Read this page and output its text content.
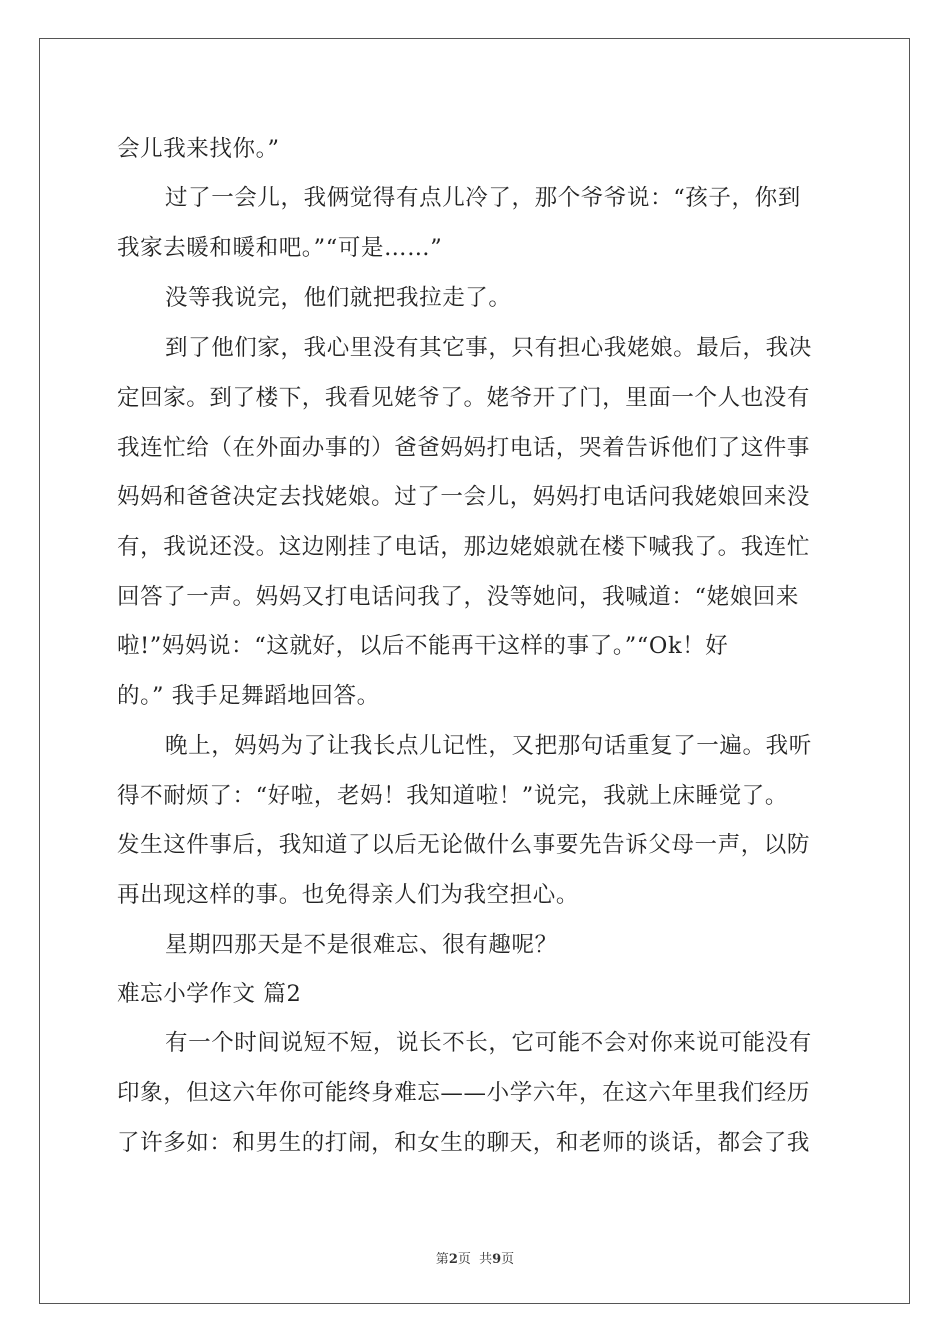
会儿我来找你。”
过了一会儿，我俩觉得有点儿冷了，那个爷爷说：“孩子，你到
我家去暖和暖和吧。”“可是……”
没等我说完，他们就把我拉走了。
到了他们家，我心里没有其它事，只有担心我姥娘。最后，我决
定回家。到了楼下，我看见姥爷了。姥爷开了门，里面一个人也没有
我连忙给（在外面办事的）爸爸妈妈打电话，哭着告诉他们了这件事
妈妈和爸爸决定去找姥娘。过了一会儿，妈妈打电话问我姥娘回来没
有，我说还没。这边刚挂了电话，那边姥娘就在楼下喊我了。我连忙
回答了一声。妈妈又打电话问我了，没等她问，我喊道：“姥娘回来
啦!”妈妈说：“这就好，以后不能再干这样的事了。”“Ok！好
的。” 我手足舞蹈地回答。
晚上，妈妈为了让我长点儿记性，又把那句话重复了一遍。我听
得不耐烦了：“好啦，老妈！我知道啦！”说完，我就上床睡觉了。
发生这件事后，我知道了以后无论做什么事要先告诉父母一声，以防
再出现这样的事。也免得亲人们为我空担心。
星期四那天是不是很难忘、很有趣呢？
难忘小学作文 篇2
有一个时间说短不短，说长不长，它可能不会对你来说可能没有
印象，但这六年你可能终身难忘——小学六年，在这六年里我们经历
了许多如：和男生的打闹，和女生的聊天，和老师的谈话，都会了我
第2页  共9页
